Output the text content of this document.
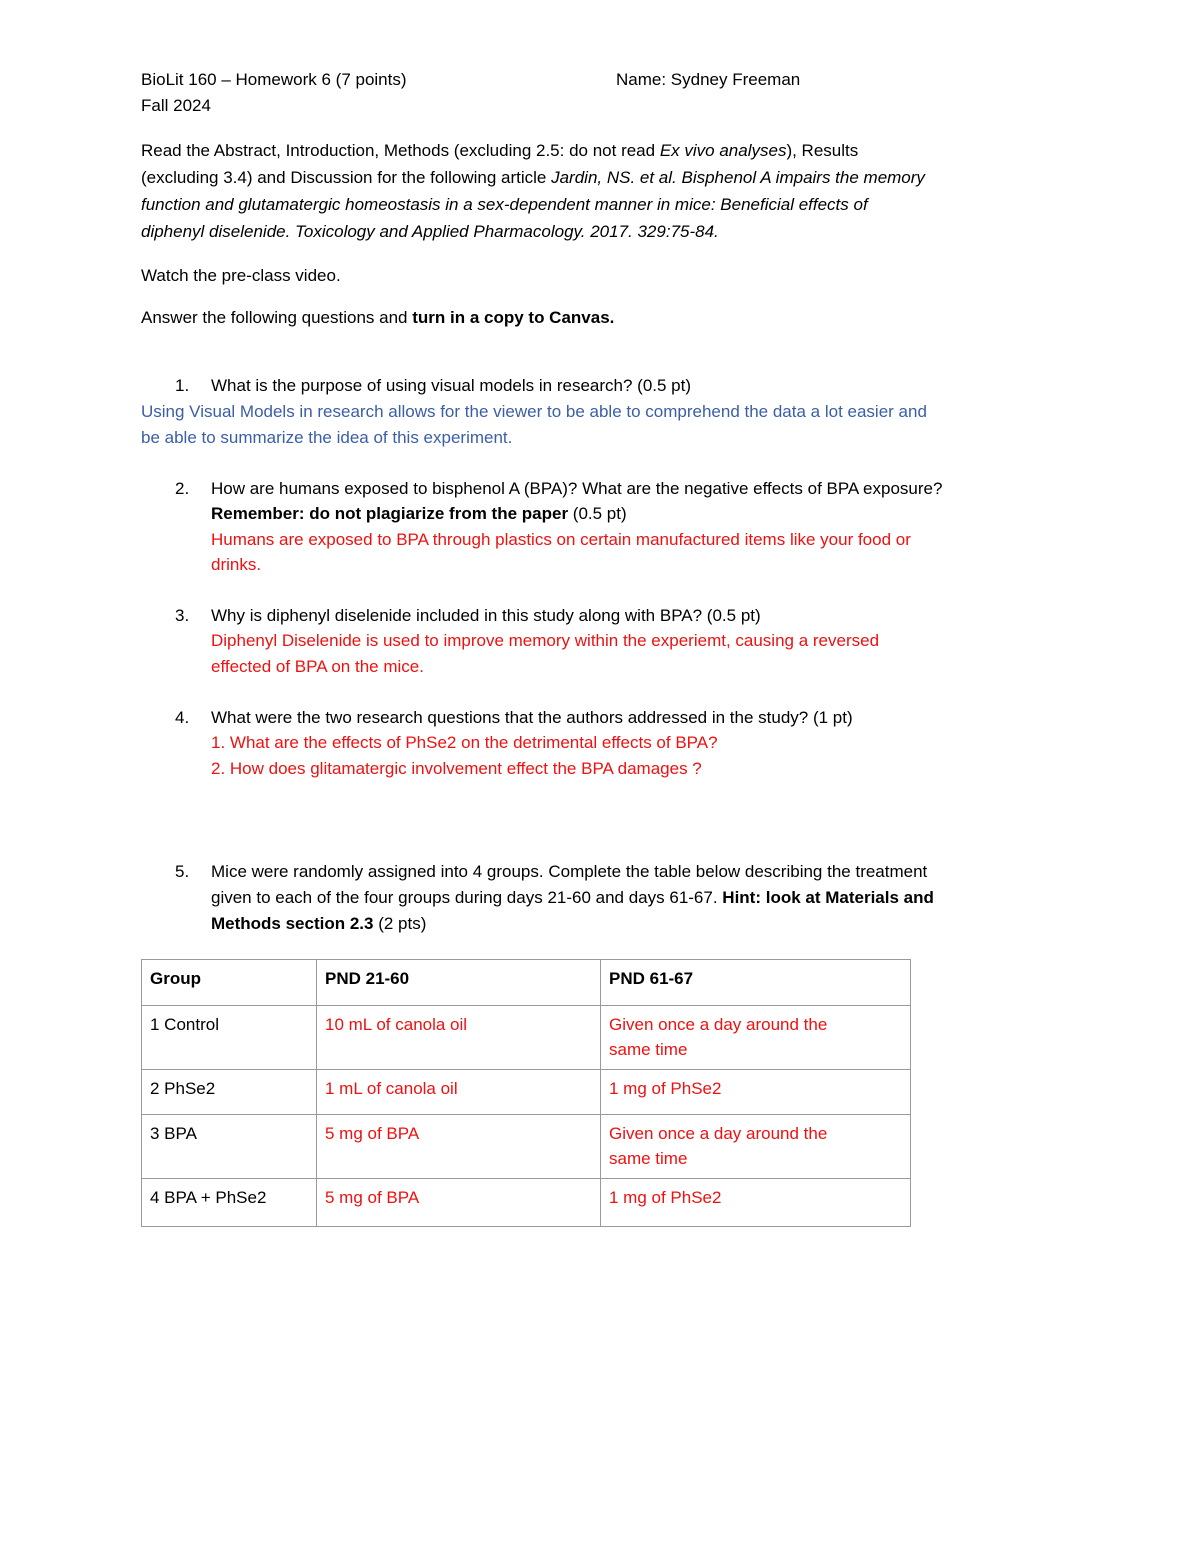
BioLit 160 – Homework 6 (7 points)	Name: Sydney Freeman
Fall 2024
Read the Abstract, Introduction, Methods (excluding 2.5: do not read Ex vivo analyses), Results
(excluding 3.4) and Discussion for the following article Jardin, NS. et al. Bisphenol A impairs the memory
function and glutamatergic homeostasis in a sex-dependent manner in mice: Beneficial effects of
diphenyl diselenide. Toxicology and Applied Pharmacology. 2017. 329:75-84.
Watch the pre-class video.
Answer the following questions and turn in a copy to Canvas.
1. What is the purpose of using visual models in research? (0.5 pt)
Using Visual Models in research allows for the viewer to be able to comprehend the data a lot easier and
be able to summarize the idea of this experiment.
2. How are humans exposed to bisphenol A (BPA)? What are the negative effects of BPA exposure?
Remember: do not plagiarize from the paper (0.5 pt)
Humans are exposed to BPA through plastics on certain manufactured items like your food or
drinks.
3. Why is diphenyl diselenide included in this study along with BPA? (0.5 pt)
Diphenyl Diselenide is used to improve memory within the experiemt, causing a reversed
effected of BPA on the mice.
4. What were the two research questions that the authors addressed in the study? (1 pt)
1. What are the effects of PhSe2 on the detrimental effects of BPA?
2. How does glitamatergic involvement effect the BPA damages ?
5. Mice were randomly assigned into 4 groups. Complete the table below describing the treatment
given to each of the four groups during days 21-60 and days 61-67. Hint: look at Materials and
Methods section 2.3 (2 pts)
Group	PND 21-60	PND 61-67
1 Control	10 mL of canola oil	Given once a day around the
same time

2 PhSe2	1 mL of canola oil	1 mg of PhSe2

3 BPA	5 mg of BPA	Given once a day around the
same time

4 BPA + PhSe2	5 mg of BPA	1 mg of PhSe2
